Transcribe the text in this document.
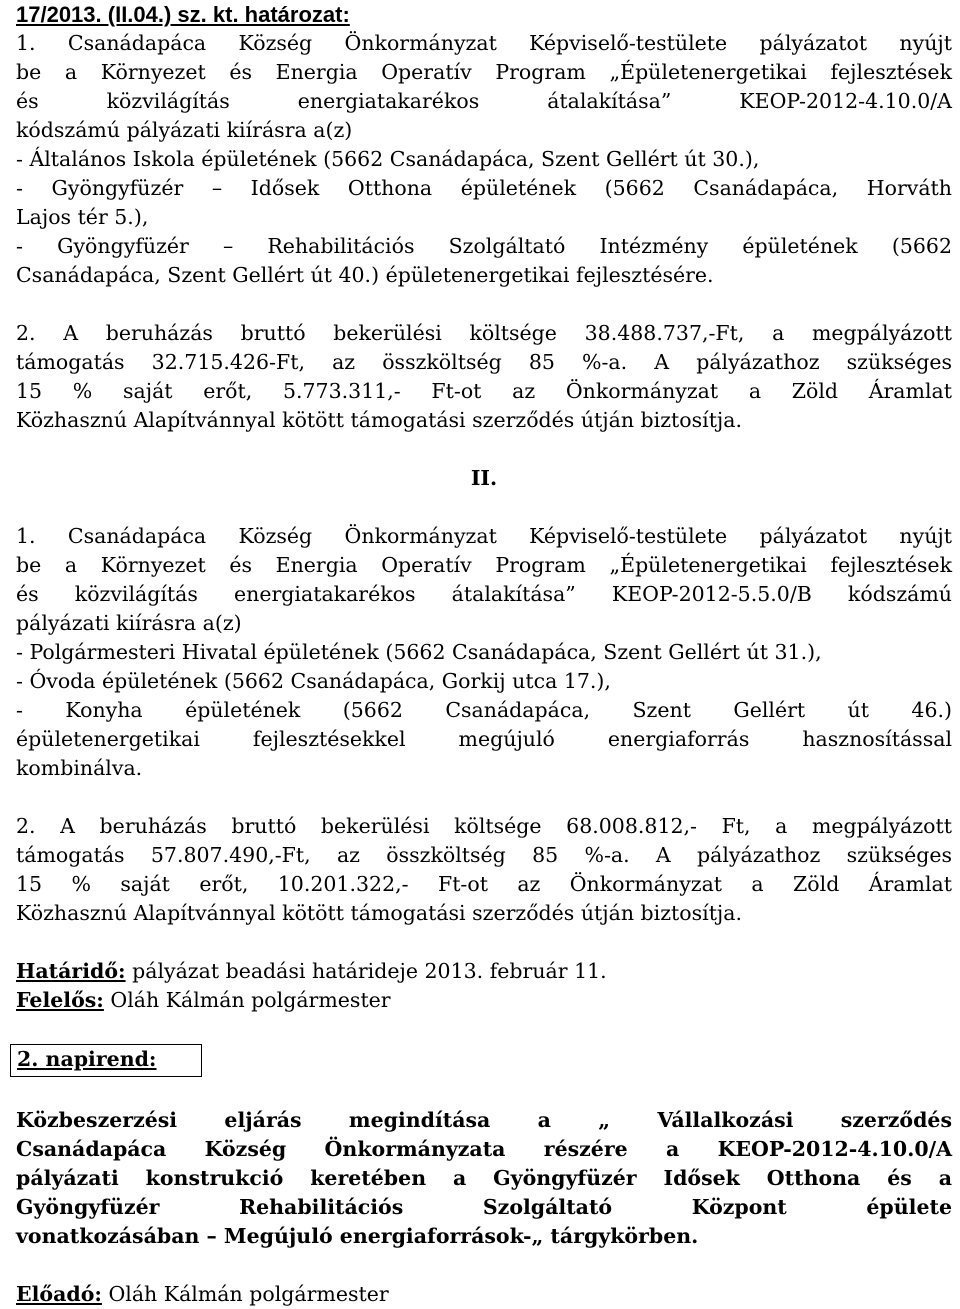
17/2013. (II.04.) sz. kt. határozat:

1. Csanádapáca Község Önkormányzat Képviselő-testülete pályázatot nyújt

be a Környezet és Energia Operatív Program „Épületenergetikai fejlesztések

és közvilágítás energiatakarékos átalakítása” KEOP-2012-4.10.0/A

kódszámú pályázati kiírásra a(z)

- Általános Iskola épületének (5662 Csanádapáca, Szent Gellért út 30.),

- Gyöngyfüzér – Idősek Otthona épületének (5662 Csanádapáca, Horváth

Lajos tér 5.),

- Gyöngyfüzér – Rehabilitációs Szolgáltató Intézmény épületének (5662

Csanádapáca, Szent Gellért út 40.) épületenergetikai fejlesztésére.

2. A beruházás bruttó bekerülési költsége 38.488.737,-Ft, a megpályázott

támogatás 32.715.426-Ft, az összköltség 85 %-a. A pályázathoz szükséges

15 % saját erőt, 5.773.311,- Ft-ot az Önkormányzat a Zöld Áramlat

Közhasznú Alapítvánnyal kötött támogatási szerződés útján biztosítja.

II.

1. Csanádapáca Község Önkormányzat Képviselő-testülete pályázatot nyújt

be a Környezet és Energia Operatív Program „Épületenergetikai fejlesztések

és közvilágítás energiatakarékos átalakítása” KEOP-2012-5.5.0/B kódszámú

pályázati kiírásra a(z)

- Polgármesteri Hivatal épületének (5662 Csanádapáca, Szent Gellért út 31.),

- Óvoda épületének (5662 Csanádapáca, Gorkij utca 17.),

- Konyha épületének (5662 Csanádapáca, Szent Gellért út 46.)

épületenergetikai fejlesztésekkel megújuló energiaforrás hasznosítással

kombinálva.

2. A beruházás bruttó bekerülési költsége 68.008.812,- Ft, a megpályázott

támogatás 57.807.490,-Ft, az összköltség 85 %-a. A pályázathoz szükséges

15 % saját erőt, 10.201.322,- Ft-ot az Önkormányzat a Zöld Áramlat

Közhasznú Alapítvánnyal kötött támogatási szerződés útján biztosítja.

Határidő: pályázat beadási határideje 2013. február 11.

Felelős: Oláh Kálmán polgármester

2. napirend:

Közbeszerzési eljárás megindítása a „ Vállalkozási szerződés

Csanádapáca Község Önkormányzata részére a KEOP-2012-4.10.0/A

pályázati konstrukció keretében a Gyöngyfüzér Idősek Otthona és a

Gyöngyfüzér Rehabilitációs Szolgáltató Központ épülete

vonatkozásában – Megújuló energiaforrások-„ tárgykörben.

Előadó: Oláh Kálmán polgármester
